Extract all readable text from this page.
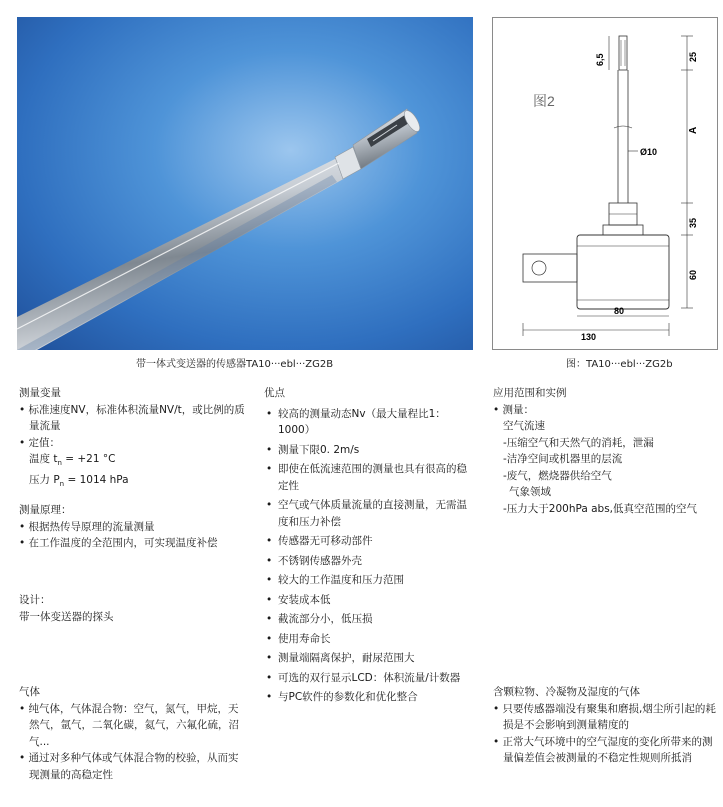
带一体式变送器的传感器TA10···ebl···ZG2B
6,5	25
A
Ø10
35
60
80
130
图2
图：TA10···ebl···ZG2b

测量变量

• 标准速度NV，标准体积流量NV/t，或比例的质量流量

• 定值：

温度 $t_n = +21$ °C

压力 $P_n = 1014$ hPa

测量原理：

• 根据热传导原理的流量测量

• 在工作温度的全范围内，可实现温度补偿

设计：

带一体变送器的探头

气体

• 纯气体，气体混合物：空气，氮气，甲烷，天然气，氩气，二氧化碳，氦气，六氟化硫，沼气...

• 通过对多种气体或气体混合物的校验，从而实现测量的高稳定性

优点

• 较高的测量动态Nv（最大量程比1：1000）
• 测量下限0. 2m/s
• 即使在低流速范围的测量也具有很高的稳定性
• 空气或气体质量流量的直接测量，无需温度和压力补偿
• 传感器无可移动部件
• 不锈钢传感器外壳
• 较大的工作温度和压力范围
• 安装成本低
• 截流部分小，低压损
• 使用寿命长
• 测量端隔离保护，耐尿范围大
• 可选的双行显示LCD：体积流量/计数器
• 与PC软件的参数化和优化整合

应用范围和实例

• 测量：

空气流速

-压缩空气和天然气的消耗，泄漏

-洁净空间或机器里的层流

-废气，燃烧器供给空气

气象领域

-压力大于200hPa abs,低真空范围的空气

含颗粒物、冷凝物及湿度的气体

• 只要传感器端没有聚集和磨损,烟尘所引起的耗损是不会影响到测量精度的

• 正常大气环境中的空气湿度的变化所带来的测量偏差值会被测量的不稳定性规则所抵消
